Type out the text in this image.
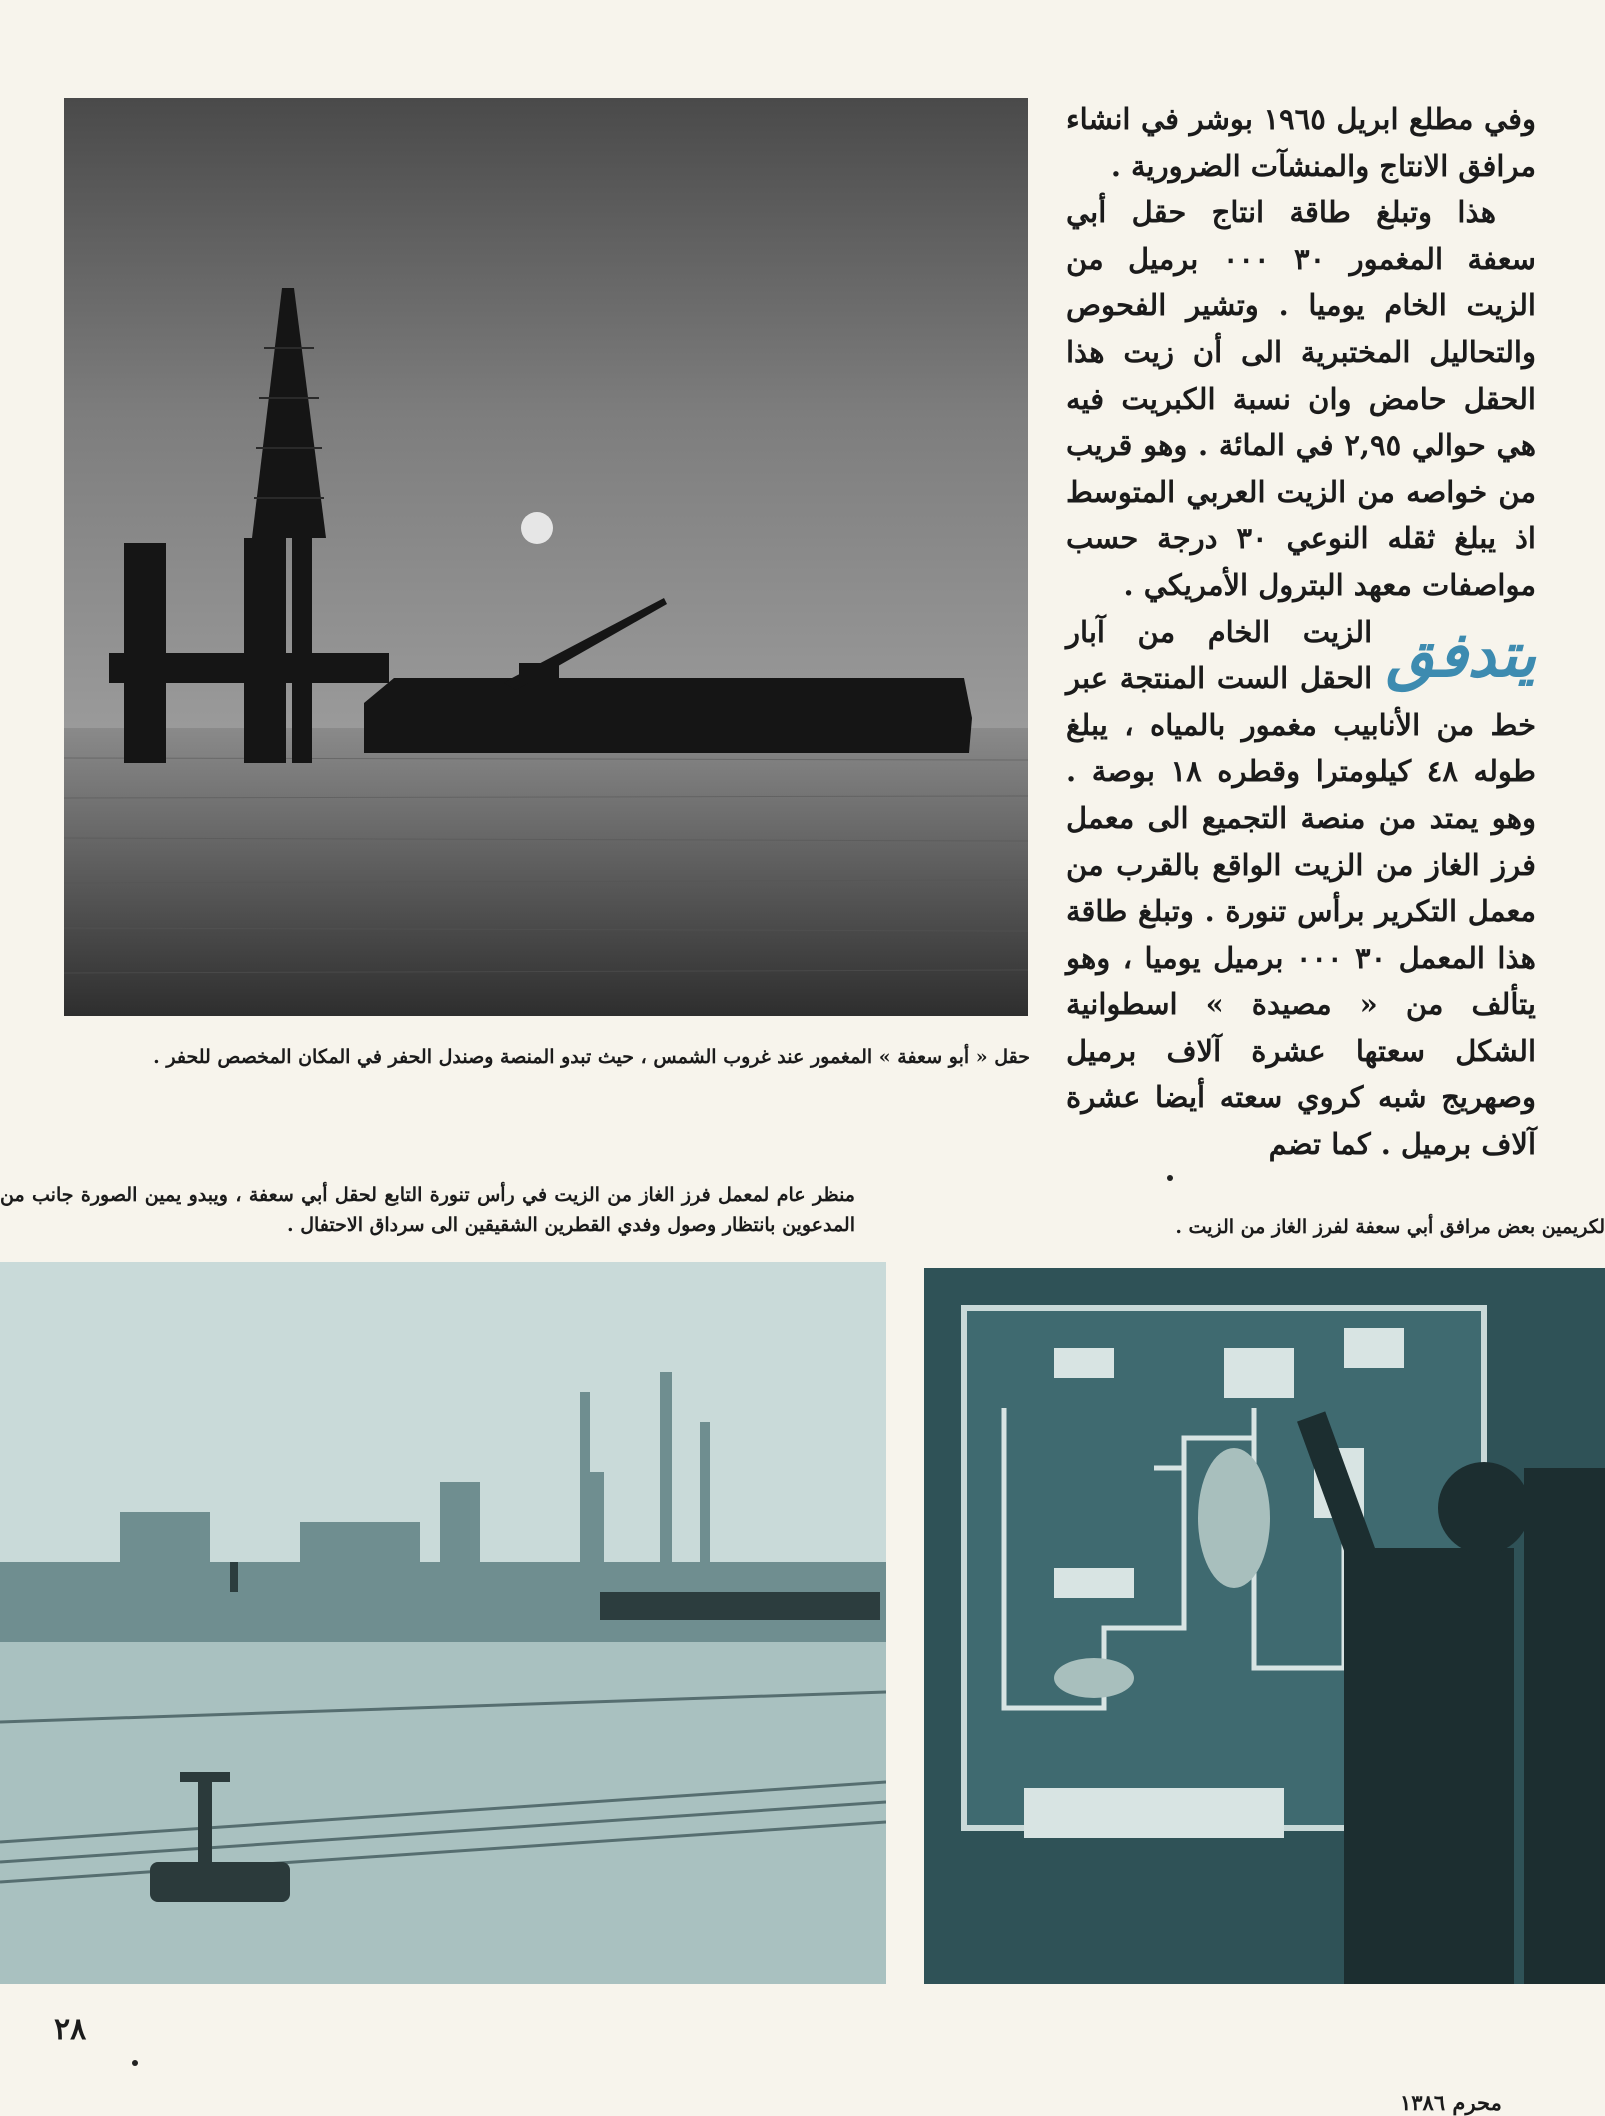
وفي مطلع ابريل ١٩٦٥ بوشر في انشاء مرافق الانتاج والمنشآت الضرورية .

هذا وتبلغ طاقة انتاج حقل أبي سعفة المغمور ٣٠ ٠٠٠ برميل من الزيت الخام يوميا . وتشير الفحوص والتحاليل المختبرية الى أن زيت هذا الحقل حامض وان نسبة الكبريت فيه هي حوالي ٢,٩٥ في المائة . وهو قريب من خواصه من الزيت العربي المتوسط اذ يبلغ ثقله النوعي ٣٠ درجة حسب مواصفات معهد البترول الأمريكي .

يتدفق
الزيت الخام من آبار الحقل الست المنتجة عبر خط من الأنابيب مغمور بالمياه ، يبلغ طوله ٤٨ كيلومترا وقطره ١٨ بوصة . وهو يمتد من منصة التجميع الى معمل فرز الغاز من الزيت الواقع بالقرب من معمل التكرير برأس تنورة . وتبلغ طاقة هذا المعمل ٣٠ ٠٠٠ برميل يوميا ، وهو يتألف من « مصيدة » اسطوانية الشكل سعتها عشرة آلاف برميل وصهريج شبه كروي سعته أيضا عشرة آلاف برميل . كما تضم

حقل « أبو سعفة » المغمور عند غروب الشمس ، حيث تبدو المنصة وصندل الحفر في المكان المخصص للحفر .
منظر عام لمعمل فرز الغاز من الزيت في رأس تنورة التابع لحقل أبي سعفة ، ويبدو يمين الصورة جانب من المدعوين بانتظار وصول وفدي القطرين الشقيقين الى سرداق الاحتفال .	لكريمين بعض مرافق أبي سعفة لفرز الغاز من الزيت .
٢٨
محرم ١٣٨٦
